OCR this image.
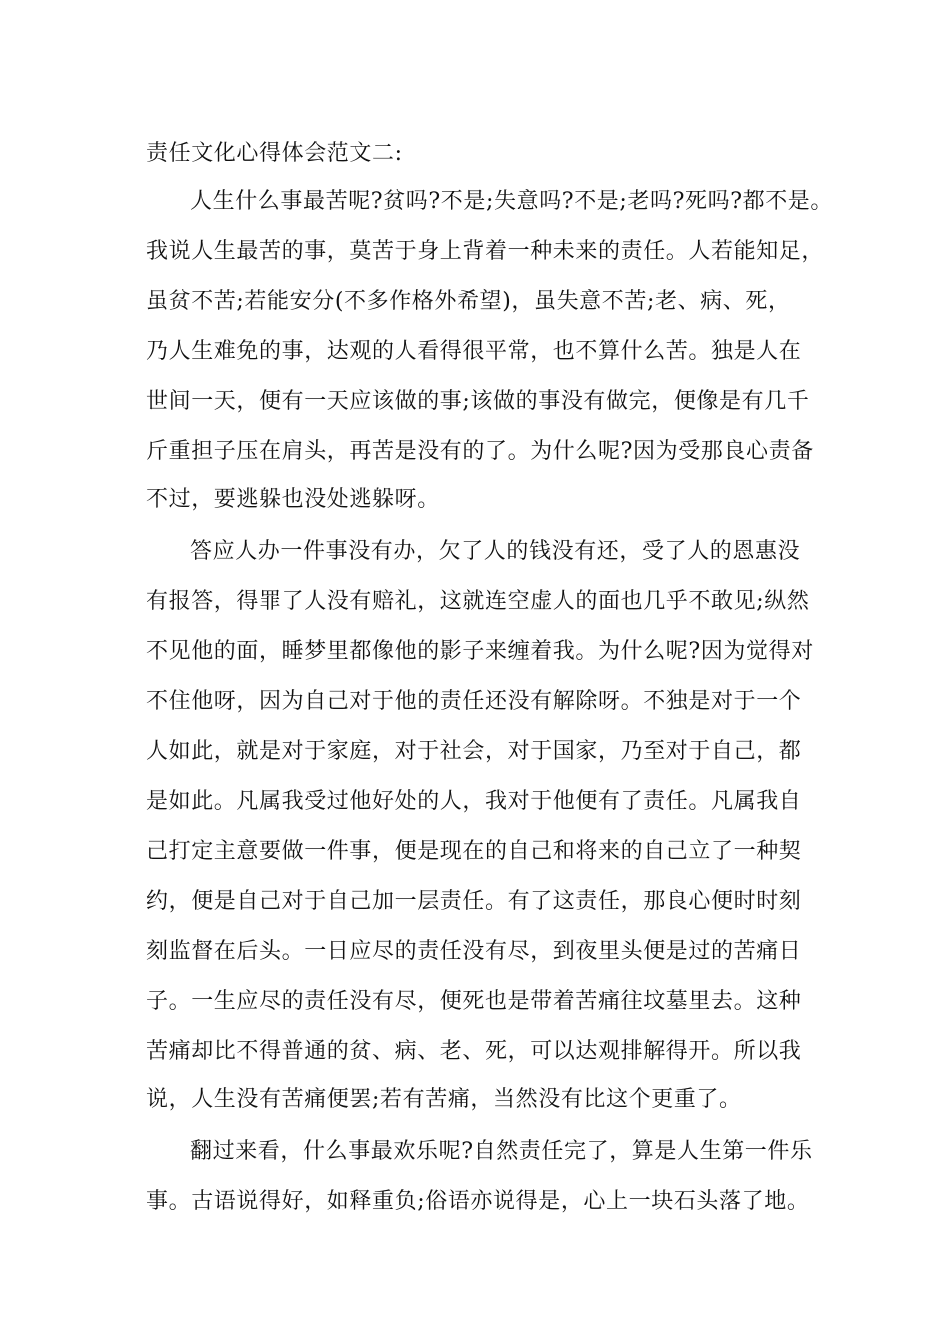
责任文化心得体会范文二:
人生什么事最苦呢?贫吗?不是;失意吗?不是;老吗?死吗?都不是。
我说人生最苦的事，莫苦于身上背着一种未来的责任。人若能知足，
虽贫不苦;若能安分(不多作格外希望)，虽失意不苦;老、病、死，
乃人生难免的事，达观的人看得很平常，也不算什么苦。独是人在
世间一天，便有一天应该做的事;该做的事没有做完，便像是有几千
斤重担子压在肩头，再苦是没有的了。为什么呢?因为受那良心责备
不过，要逃躲也没处逃躲呀。
答应人办一件事没有办，欠了人的钱没有还，受了人的恩惠没
有报答，得罪了人没有赔礼，这就连空虚人的面也几乎不敢见;纵然
不见他的面，睡梦里都像他的影子来缠着我。为什么呢?因为觉得对
不住他呀，因为自己对于他的责任还没有解除呀。不独是对于一个
人如此，就是对于家庭，对于社会，对于国家，乃至对于自己，都
是如此。凡属我受过他好处的人，我对于他便有了责任。凡属我自
己打定主意要做一件事，便是现在的自己和将来的自己立了一种契
约，便是自己对于自己加一层责任。有了这责任，那良心便时时刻
刻监督在后头。一日应尽的责任没有尽，到夜里头便是过的苦痛日
子。一生应尽的责任没有尽，便死也是带着苦痛往坟墓里去。这种
苦痛却比不得普通的贫、病、老、死，可以达观排解得开。所以我
说，人生没有苦痛便罢;若有苦痛，当然没有比这个更重了。
翻过来看，什么事最欢乐呢?自然责任完了，算是人生第一件乐
事。古语说得好，如释重负;俗语亦说得是，心上一块石头落了地。
